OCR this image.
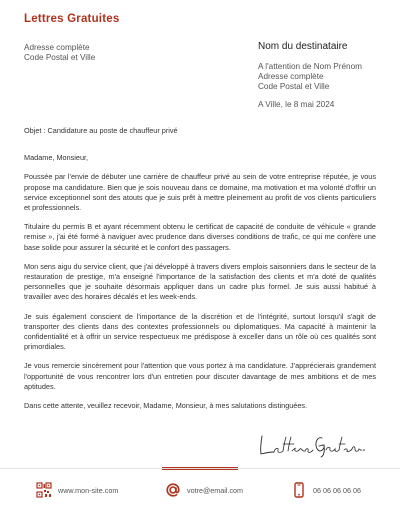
Lettres Gratuites
Adresse complète
Code Postal et Ville
Nom du destinataire
A l'attention de Nom Prénom
Adresse complète
Code Postal et Ville
A Ville, le 8 mai 2024

Objet : Candidature au poste de chauffeur privé

Madame, Monsieur,

Poussée par l'envie de débuter une carrière de chauffeur privé au sein de votre entreprise réputée, je vous propose ma candidature. Bien que je sois nouveau dans ce domaine, ma motivation et ma volonté d'offrir un service exceptionnel sont des atouts que je suis prêt à mettre pleinement au profit de vos clients particuliers et professionnels.

Titulaire du permis B et ayant récemment obtenu le certificat de capacité de conduite de véhicule « grande remise », j'ai été formé à naviguer avec prudence dans diverses conditions de trafic, ce qui me confère une base solide pour assurer la sécurité et le confort des passagers.

Mon sens aigu du service client, que j'ai développé à travers divers emplois saisonniers dans le secteur de la restauration de prestige, m'a enseigné l'importance de la satisfaction des clients et m'a doté de qualités personnelles que je souhaite désormais appliquer dans un cadre plus formel. Je suis aussi habitué à travailler avec des horaires décalés et les week-ends.

Je suis également conscient de l'importance de la discrétion et de l'intégrité, surtout lorsqu'il s'agit de transporter des clients dans des contextes professionnels ou diplomatiques. Ma capacité à maintenir la confidentialité et à offrir un service respectueux me prédispose à exceller dans un rôle où ces qualités sont primordiales.

Je vous remercie sincèrement pour l'attention que vous portez à ma candidature. J'apprécierais grandement l'opportunité de vous rencontrer lors d'un entretien pour discuter davantage de mes ambitions et de mes aptitudes.

Dans cette attente, veuillez recevoir, Madame, Monsieur, à mes salutations distinguées.

www.mon-site.com	votre@email.com	06 06 06 06 06
